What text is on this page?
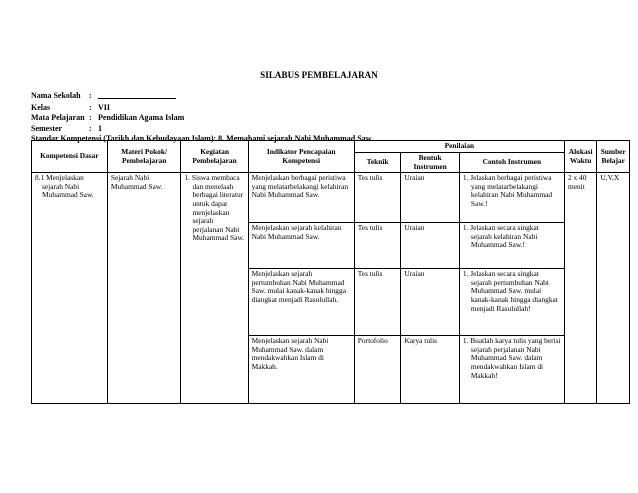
SILABUS PEMBELAJARAN
Nama Sekolah	:
Kelas	: VII
Mata Pelajaran : Pendidikan Agama Islam
Semester	: 1
Standar Kompetensi (Tarikh dan Kebudayaan Islam): 8. Memahami sejarah Nabi Muhammad Saw.
Kompetensi Dasar	Materi Pokok/ Pembelajaran	Kegiatan Pembelajaran	Indikator Pencapaian Kompetensi	Penilaian			Alokasi Waktu	Sumber Belajar
				Teknik	Bentuk Instrumen	Contoh Instrumen		
8.1 Menjelaskan sejarah Nabi Muhammad Saw.	Sejarah Nabi Muhammad Saw.	1. Siswa membaca dan menelaah berbagai literatur untuk dapat menjelaskan sejarah perjalanan Nabi Muhammad Saw.	Menjelaskan berbagai peristiwa yang melatarbelakangi kelahiran Nabi Muhammad Saw.	Tes tulis	Uraian	1. Jelaskan berbagai peristiwa yang melatarbelakangi kelahiran Nabi Muhammad Saw.!	2 x 40 menit	U,V,X
			Menjelaskan sejarah kelahiran Nabi Muhammad Saw.	Tes tulis	Uraian	1. Jelaskan secara singkat sejarah kelahiran Nabi Muhammad Saw.!		
			Menjelaskan sejarah pertumbuhan Nabi Muhammad Saw. mulai kanak-kanak hingga diangkat menjadi Rasulullah.	Tes tulis	Uraian	1. Jelaskan secara singkat sejarah pertumbuhan Nabi Muhammad Saw. mulai kanak-kanak hingga diangkat menjadi Rasulullah!		
			Menjelaskan sejarah Nabi Muhammad Saw. dalam mendakwahkan Islam di Makkah.	Portofolio	Karya tulis	1. Buatlah karya tulis yang berisi sejarah perjalanan Nabi Muhammad Saw. dalam mendakwahkan Islam di Makkah!		
